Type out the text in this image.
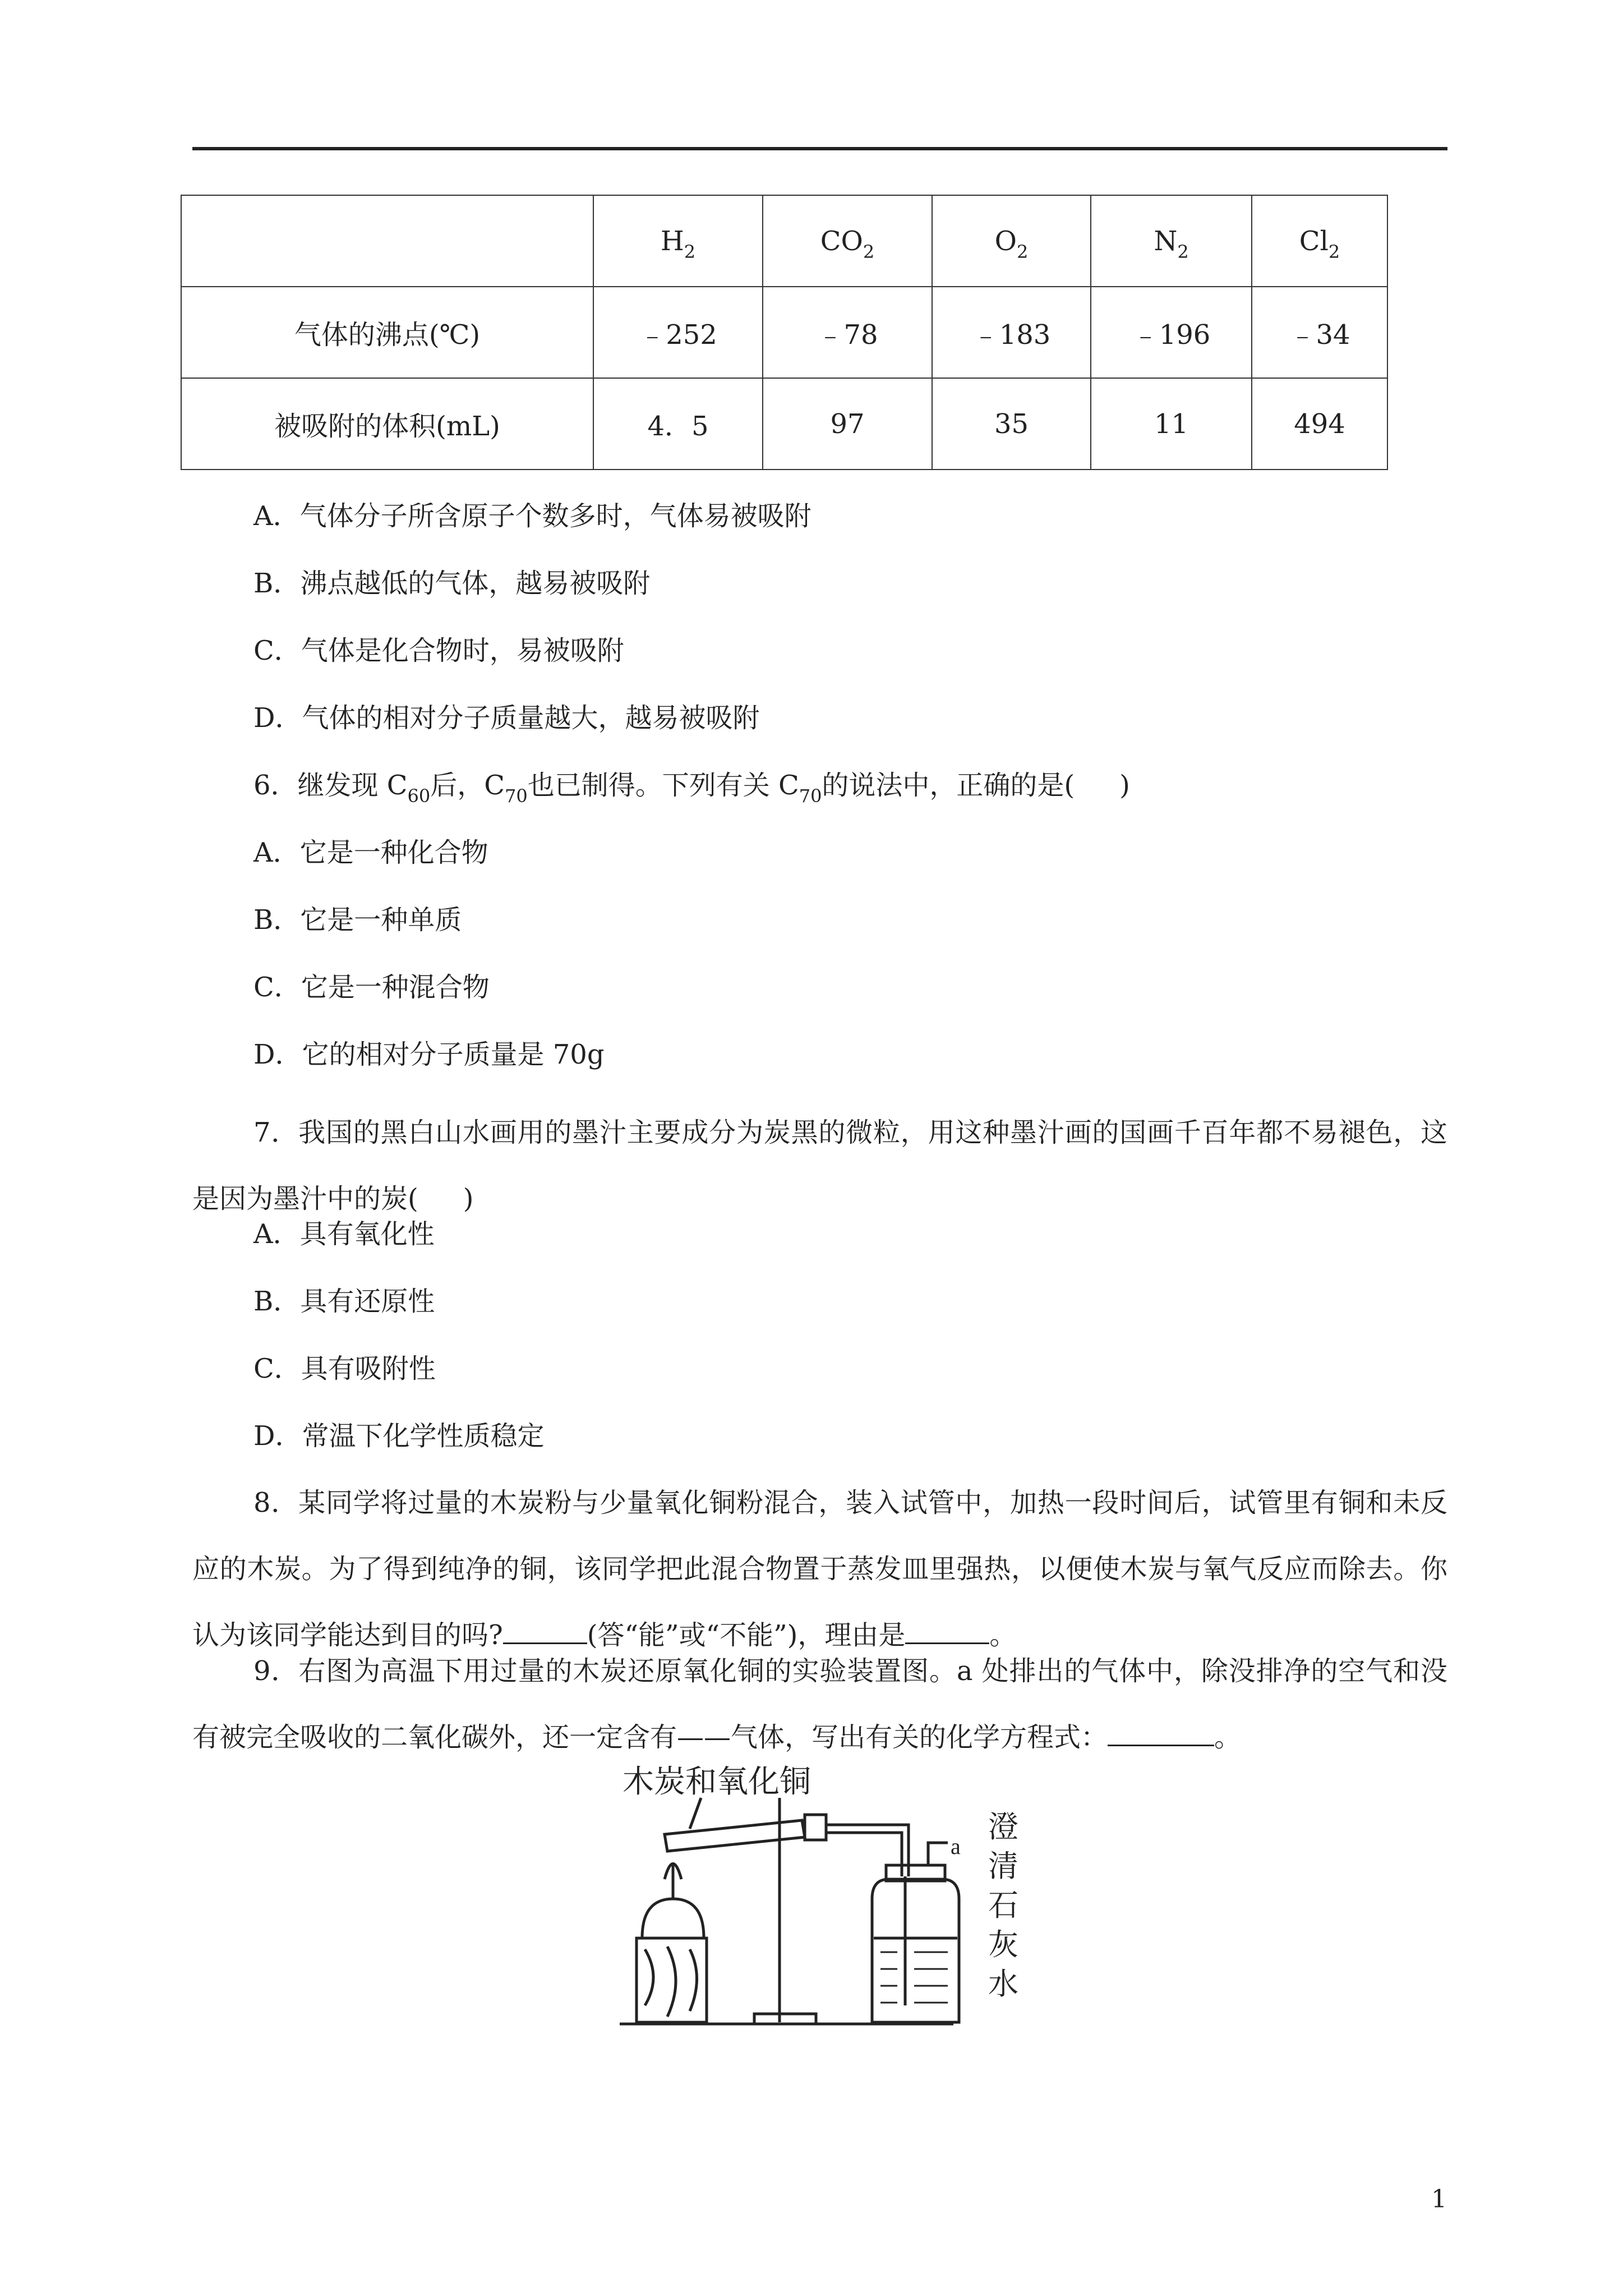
	$H_2$	$CO_2$	$O_2$	$N_2$	$Cl_2$
气体的沸点(℃)	﹣252	﹣78	﹣183	﹣196	﹣34
被吸附的体积(mL)	4．5	97	35	11	494
A．气体分子所含原子个数多时，气体易被吸附
B．沸点越低的气体，越易被吸附
C．气体是化合物时，易被吸附
D．气体的相对分子质量越大，越易被吸附
6．继发现 $C_{60}$后，$C_{70}$也已制得。下列有关 $C_{70}$的说法中，正确的是( )
A．它是一种化合物
B．它是一种单质
C．它是一种混合物
D．它的相对分子质量是 70g
7．我国的黑白山水画用的墨汁主要成分为炭黑的微粒，用这种墨汁画的国画千百年都不易褪色，这是因为墨汁中的炭( )
A．具有氧化性
B．具有还原性
C．具有吸附性
D．常温下化学性质稳定
8．某同学将过量的木炭粉与少量氧化铜粉混合，装入试管中，加热一段时间后，试管里有铜和未反应的木炭。为了得到纯净的铜，该同学把此混合物置于蒸发皿里强热，以便使木炭与氧气反应而除去。你认为该同学能达到目的吗?	(答“能”或“不能”)，理由是	。
9．右图为高温下用过量的木炭还原氧化铜的实验装置图。a 处排出的气体中，除没排净的空气和没有被完全吸收的二氧化碳外，还一定含有——气体，写出有关的化学方程式：	。
木炭和氧化铜
澄
清
石
灰
水
a
1
